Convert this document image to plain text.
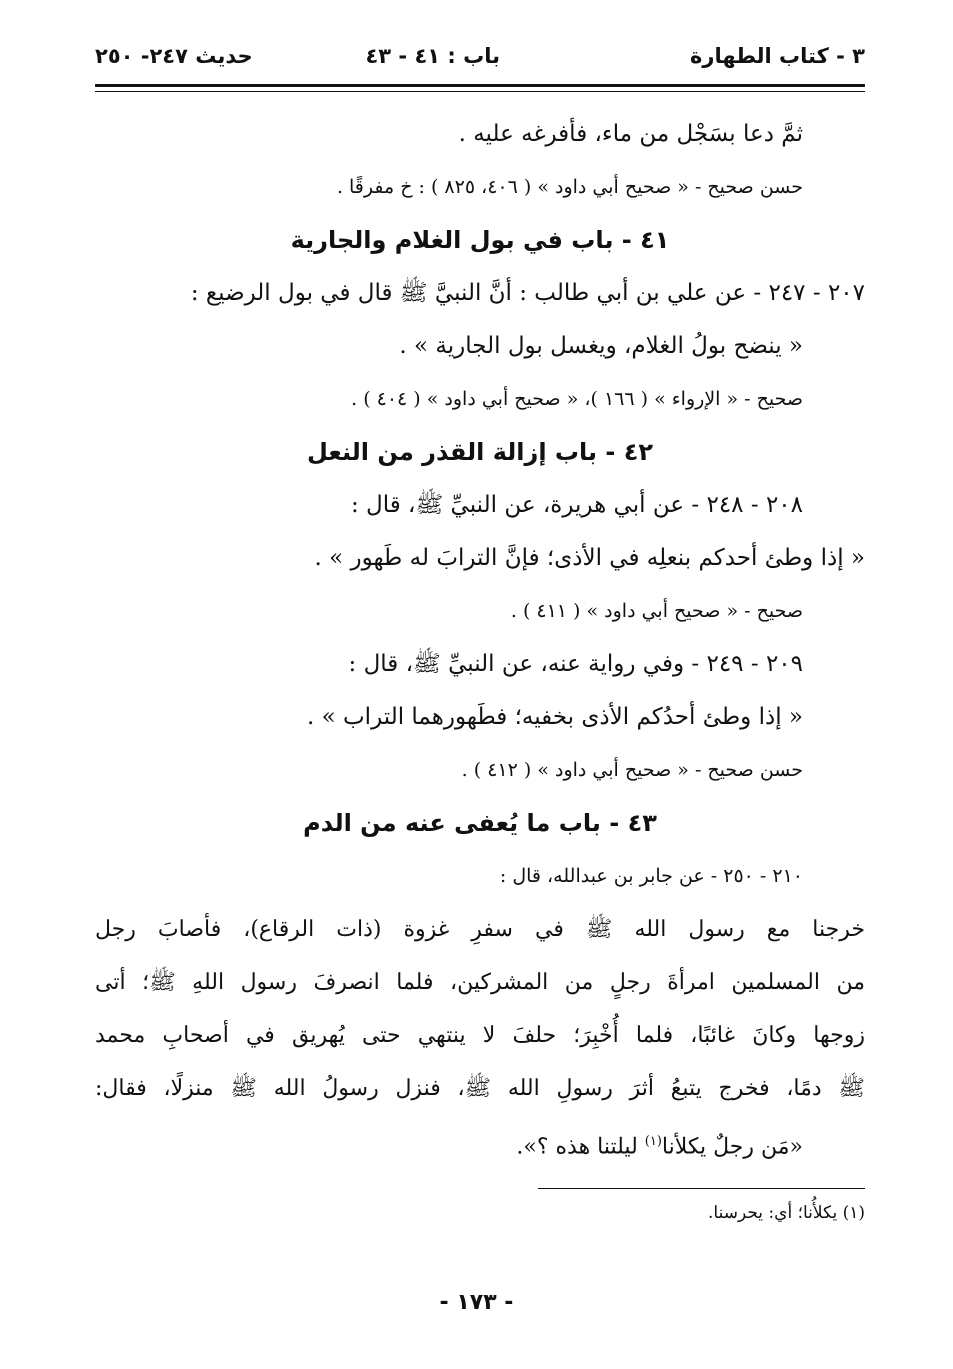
٣ - كتاب الطهارة
باب : ٤١ - ٤٣
حديث ٢٤٧- ٢٥٠
ثمَّ دعا بسَجْل من ماء، فأفرغه عليه .
حسن صحيح - « صحيح أبي داود » ( ٤٠٦، ٨٢٥ ) : خ مفرقًا .
٤١ - باب في بول الغلام والجارية
٢٠٧ - ٢٤٧ - عن علي بن أبي طالب : أنَّ النبيَّ ﷺ قال في بول الرضيع :
« ينضح بولُ الغلام، ويغسل بول الجارية » .
صحيح - « الإرواء » ( ١٦٦ )، « صحيح أبي داود » ( ٤٠٤ ) .
٤٢ - باب إزالة القذر من النعل
٢٠٨ - ٢٤٨ - عن أبي هريرة، عن النبيِّ ﷺ، قال :
« إذا وطئ أحدكم بنعلِه في الأذى؛ فإنَّ الترابَ له طَهور » .
صحيح - « صحيح أبي داود » ( ٤١١ ) .
٢٠٩ - ٢٤٩ - وفي رواية عنه، عن النبيِّ ﷺ، قال :
« إذا وطئ أحدُكم الأذى بخفيه؛ فطَهورهما التراب » .
حسن صحيح - « صحيح أبي داود » ( ٤١٢ ) .
٤٣ - باب ما يُعفى عنه من الدم
٢١٠ - ٢٥٠ - عن جابر بن عبدالله، قال :
خرجنا مع رسول الله ﷺ في سفرِ غزوة (ذات الرقاع)، فأصابَ رجل
من المسلمين امرأةَ رجلٍ من المشركين، فلما انصرفَ رسول اللهِ ﷺ؛ أتى
زوجها وكانَ غائبًا، فلما أُخْبِرَ؛ حلفَ لا ينتهي حتى يُهريق في أصحابِ محمد
ﷺ دمًا، فخرج يتبعُ أثرَ رسولِ الله ﷺ، فنزل رسولُ الله ﷺ منزلًا، فقال:
«مَن رجلٌ يكلأنا$^{(١)}$ ليلتنا هذه ؟».
(١) يكلأُنا؛ أي: يحرسنا.
- ١٧٣ -
